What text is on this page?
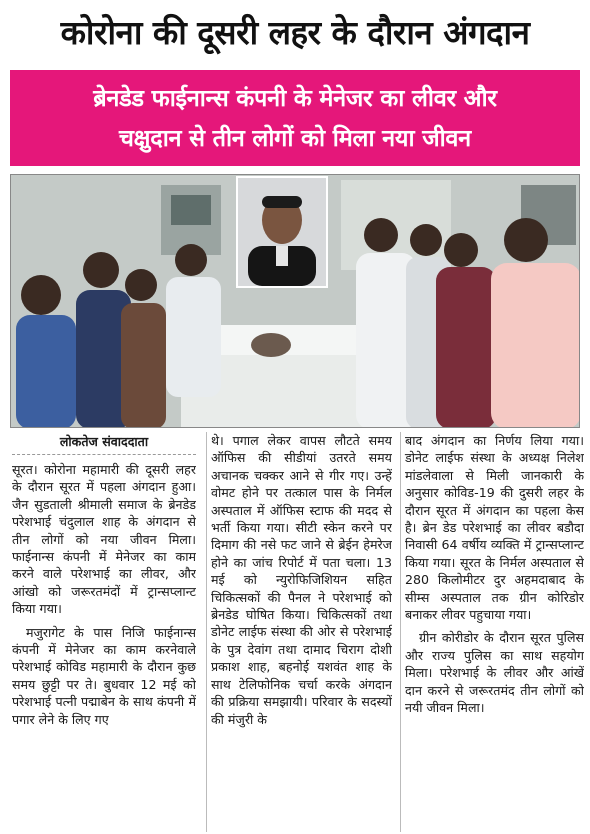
कोरोना की दूसरी लहर के दौरान अंगदान
ब्रेनडेड फाईनान्स कंपनी के मेनेजर का लीवर और
चक्षुदान से तीन लोगों को मिला नया जीवन
लोकतेज संवाददाता

सूरत। कोरोना महामारी की दूसरी लहर के दौरान सूरत में पहला अंगदान हुआ। जैन सुडताली श्रीमाली समाज के ब्रेनडेड परेशभाई चंदुलाल शाह के अंगदान से तीन लोगों को नया जीवन मिला। फाईनान्स कंपनी में मेनेजर का काम करने वाले परेशभाई का लीवर, और आंखो को जरूरतमंदों में ट्रान्सप्लान्ट किया गया।

मजुरागेट के पास निजि फाईनान्स कंपनी में मेनेजर का काम करनेवाले परेशभाई कोविड महामारी के दौरान कुछ समय छुट्टी पर ते। बुधवार 12 मई को परेशभाई पत्नी पद्माबेन के साथ कंपनी में पगार लेने के लिए गए

थे। पगाल लेकर वापस लौटते समय ऑफिस की सीडीयां उतरते समय अचानक चक्कर आने से गीर गए। उन्हें वोमट होने पर तत्काल पास के निर्मल अस्पताल में ऑफिस स्टाफ की मदद से भर्ती किया गया। सीटी स्केन करने पर दिमाग की नसे फट जाने से ब्रेईन हेमरेज होने का जांच रिपोर्ट में पता चला। 13 मई को न्युरोफिजिशियन सहित चिकित्सकों की पैनल ने परेशभाई को ब्रेनडेड घोषित किया। चिकित्सकों तथा डोनेट लाईफ संस्था की ओर से परेशभाई के पुत्र देवांग तथा दामाद चिराग दोशी प्रकाश शाह, बहनोई यशवंत शाह के साथ टेलिफोनिक चर्चा करके अंगदान की प्रक्रिया समझायी। परिवार के सदस्यों की मंजुरी के

बाद अंगदान का निर्णय लिया गया। डोनेट लाईफ संस्था के अध्यक्ष निलेश मांडलेवाला से मिली जानकारी के अनुसार कोविड-19 की दुसरी लहर के दौरान सूरत में अंगदान का पहला केस है। ब्रेन डेड परेशभाई का लीवर बडौदा निवासी 64 वर्षीय व्यक्ति में ट्रान्सप्लान्ट किया गया। सूरत के निर्मल अस्पताल से 280 किलोमीटर दुर अहमदाबाद के सीम्स अस्पताल तक ग्रीन कोरिडोर बनाकर लीवर पहुचाया गया।

ग्रीन कोरीडोर के दौरान सूरत पुलिस और राज्य पुलिस का साथ सहयोग मिला। परेशभाई के लीवर और आंखें दान करने से जरूरतमंद तीन लोगों को नयी जीवन मिला।
